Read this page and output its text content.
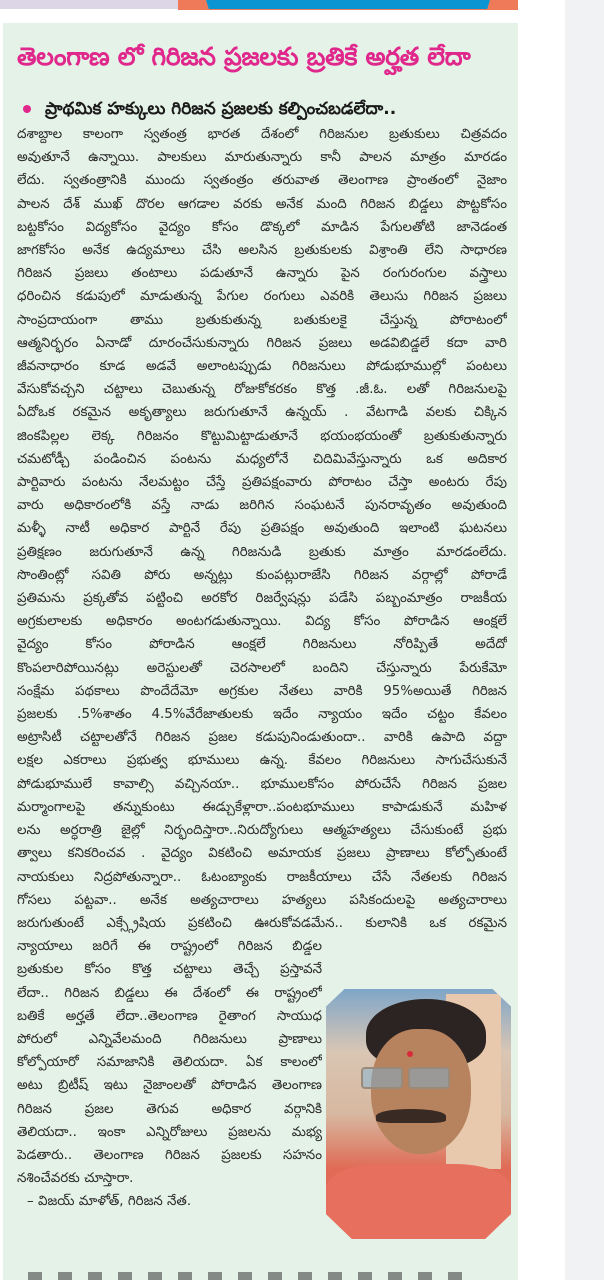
తెలంగాణ లో గిరిజన ప్రజలకు బ్రతికే అర్హత లేదా
ప్రాథమిక హక్కులు గిరిజన ప్రజలకు కల్పించబడలేదా..
దశాబ్దాల కాలంగా స్వతంత్ర భారత దేశంలో గిరిజనుల బ్రతుకులు చిత్రవదం
అవుతూనే ఉన్నాయి. పాలకులు మారుతున్నారు కానీ పాలన మాత్రం మారడం
లేదు. స్వతంత్రానికి ముందు స్వతంత్రం తరువాత తెలంగాణ ప్రాంతంలో నైజాం
పాలన దేశ్ ముఖ్ దొరల ఆగడాల వరకు అనేక మంది గిరిజన బిడ్డలు పొట్టకోసం
బట్టకోసం విద్యకోసం వైద్యం కోసం డొక్కలో మాడిన పేగులతోటి జానెడంత
జాగకోసం అనేక ఉద్యమాలు చేసి అలసిన బ్రతుకులకు విశ్రాంతి లేని సాధారణ
గిరిజన ప్రజలు తంటాలు పడుతూనే ఉన్నారు పైన రంగురంగుల వస్త్రాలు
ధరించిన కడుపులో మాడుతున్న పేగుల రంగులు ఎవరికి తెలుసు గిరిజన ప్రజలు
సాంప్రదాయంగా తాము బ్రతుకుతున్న బతుకులకై చేస్తున్న పోరాటంలో
ఆత్మనిర్భరం ఏనాడో దూరంచేసుకున్నారు గిరిజన ప్రజలు అడవిబిడ్డలే కదా వారి
జీవనాధారం కూడ అడవే అలాంటప్పుడు గిరిజనులు పోడుభూముల్లో పంటలు
వేసుకోవచ్చని చట్టాలు చెబుతున్న రోజుకోకరకం కొత్త .జీ.ఓ. లతో గిరిజనులపై
ఏదోఒక రకమైన అకృత్యాలు జరుగుతూనే ఉన్నయ్ . వేటగాడి వలకు చిక్కిన
జింకపిల్లల లెక్క గిరిజనం కొట్టుమిట్టాడుతూనే భయంభయంతో బ్రతుకుతున్నారు
చమటోడ్చీ పండించిన పంటను మధ్యలోనే చిదిమివేస్తున్నారు ఒక అదికార
పార్టివారు పంటను నేలమట్టం చేస్తే ప్రతిపక్షంవారు పోరాటం చేస్తా అంటరు రేపు
వారు అధికారంలోకి వస్తే నాడు జరిగిన సంఘటనే పునరావృతం అవుతుంది
మళ్ళీ నాటీ అధికార పార్టినే రేపు ప్రతిపక్షం అవుతుంది ఇలాంటి ఘటనలు
ప్రతిక్షణం జరుగుతూనే ఉన్న గిరిజనుడి బ్రతుకు మాత్రం మారడంలేదు.
సొంతింట్లో సవితి పోరు అన్నట్లు కుంపట్లురాజేసి గిరిజన వర్గాల్లో పోరాడే
ప్రతిమను ప్రక్కతోవ పట్టించి అరకోర రిజర్వేషన్లు పడేసి పబ్బంమాత్రం రాజకీయ
అగ్రకులాలకు అధికారం అంటగడుతున్నాయి. విద్య కోసం పోరాడిన ఆంక్షలే
వైద్యం కోసం పోరాడిన ఆంక్షలే గిరిజనులు నోరిప్పితే అదేదో
కొంపలారిపోయినట్లు అరెస్టులతో చెరసాలలో బందిని చేస్తున్నారు పేరుకేమో
సంక్షేమ పథకాలు పొందేదేమో అగ్రకుల నేతలు వారికి 95%అయితే గిరిజన
ప్రజలకు .5%శాతం 4.5%వేరేజాతులకు ఇదేం న్యాయం ఇదేం చట్టం కేవలం
అట్రాసిటీ చట్టాలతోనే గిరిజన ప్రజల కడుపునిండుతుందా.. వారికి ఉపాది వద్దా
లక్షల ఎకరాలు ప్రభుత్వ భూములు ఉన్న. కేవలం గిరిజనులు సాగుచేసుకునే
పోడుభూములే కావాల్సి వచ్చినయా.. భూములకోసం పోరుచేసే గిరిజన ప్రజల
మర్మాంగాలపై తన్నుకుంటు ఈడ్చుకేళ్లారా..పంటభూములు కాపాడుకునే మహిళ
లను అర్ధరాత్రి జైల్లో నిర్భందిస్తారా..నిరుద్యోగులు ఆత్మహత్యలు చేసుకుంటే ప్రభు
త్వాలు కనికరించవ . వైద్యం వికటించి అమాయక ప్రజలు ప్రాణాలు కోల్పోతుంటే
నాయకులు నిద్రపోతున్నారా.. ఓటంబ్యాంకు రాజకీయాలు చేసే నేతలకు గిరిజన
గోసలు పట్టవా.. అనేక అత్యచారాలు హత్యలు పసికందులపై అత్యచారాలు
జరుగుతుంటే ఎక్స్గ్రేషియ ప్రకటించి ఊరుకోవడమేన.. కులానికి ఒక రకమైన
న్యాయాలు జరిగే ఈ రాష్ట్రంలో గిరిజన బిడ్డల
బ్రతుకుల కోసం కొత్త చట్టాలు తెచ్చే ప్రస్తావనే
లేదా.. గిరిజన బిడ్డలు ఈ దేశంలో ఈ రాష్ట్రంలో
బతికే అర్హతే లేదా..తెలంగాణ రైతాంగ సాయుధ
పోరులో ఎన్నివేలమంది గిరిజనులు ప్రాణాలు
కోల్పోయారో సమాజానికి తెలియదా. ఏక కాలంలో
అటు బ్రిటీష్ ఇటు నైజాంలతో పోరాడిన తెలంగాణ
గిరిజన ప్రజల తెగువ అధికార వర్గానికి
తెలియదా.. ఇంకా ఎన్నిరోజులు ప్రజలను మభ్య
పెడతారు.. తెలంగాణ గిరిజన ప్రజలకు సహనం
నశించేవరకు చూస్తారా.
– విజయ్ మాళోత్, గిరిజన నేత.
